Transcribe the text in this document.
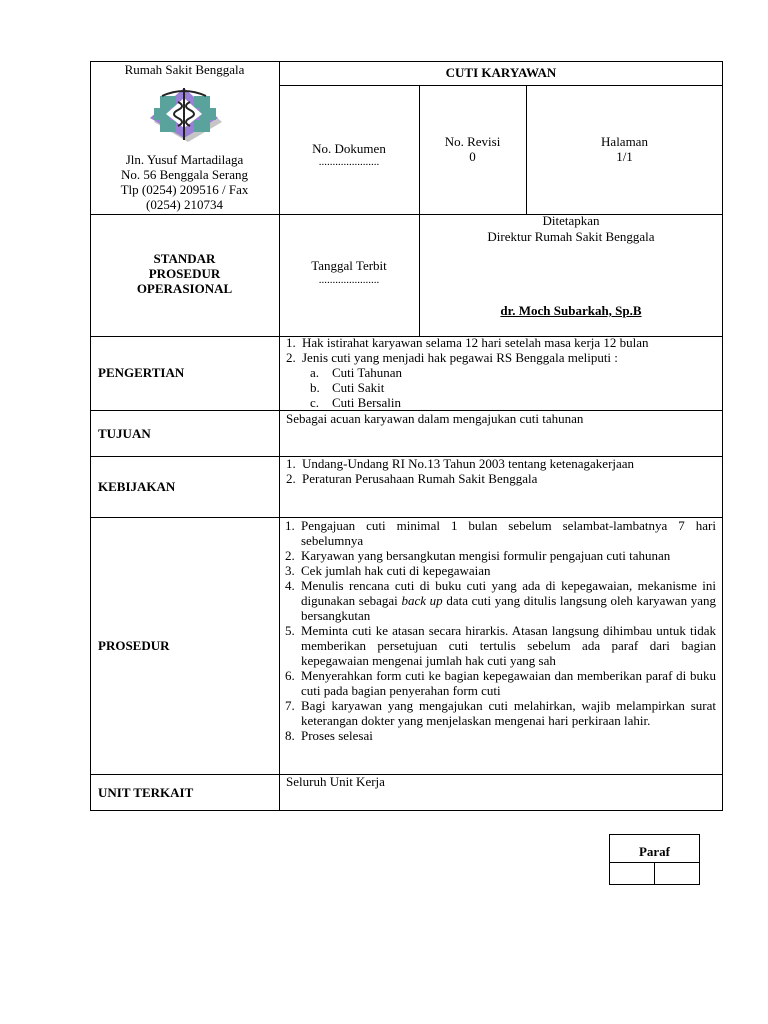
Rumah Sakit Benggala
Jln. Yusuf Martadilaga
No. 56 Benggala Serang
Tlp (0254) 209516 / Fax
(0254) 210734
CUTI KARYAWAN
No. Dokumen
......................
No. Revisi
0
Halaman
1/1
STANDAR
PROSEDUR
OPERASIONAL
Tanggal Terbit
......................
Ditetapkan
Direktur Rumah Sakit Benggala
dr. Moch Subarkah, Sp.B
PENGERTIAN
1. Hak istirahat karyawan selama 12 hari setelah masa kerja 12 bulan
2. Jenis cuti yang menjadi hak pegawai RS Benggala meliputi :
a. Cuti Tahunan
b. Cuti Sakit
c. Cuti Bersalin
TUJUAN
Sebagai acuan karyawan dalam mengajukan cuti tahunan
KEBIJAKAN
1. Undang-Undang RI No.13 Tahun 2003 tentang ketenagakerjaan
2. Peraturan Perusahaan Rumah Sakit Benggala
PROSEDUR
1. Pengajuan cuti minimal 1 bulan sebelum selambat-lambatnya 7 hari sebelumnya
2. Karyawan yang bersangkutan mengisi formulir pengajuan cuti tahunan
3. Cek jumlah hak cuti di kepegawaian
4. Menulis rencana cuti di buku cuti yang ada di kepegawaian, mekanisme ini digunakan sebagai back up data cuti yang ditulis langsung oleh karyawan yang bersangkutan
5. Meminta cuti ke atasan secara hirarkis. Atasan langsung dihimbau untuk tidak memberikan persetujuan cuti tertulis sebelum ada paraf dari bagian kepegawaian mengenai jumlah hak cuti yang sah
6. Menyerahkan form cuti ke bagian kepegawaian dan memberikan paraf di buku cuti pada bagian penyerahan form cuti
7. Bagi karyawan yang mengajukan cuti melahirkan, wajib melampirkan surat keterangan dokter yang menjelaskan mengenai hari perkiraan lahir.
8. Proses selesai
UNIT TERKAIT
Seluruh Unit Kerja
Paraf
